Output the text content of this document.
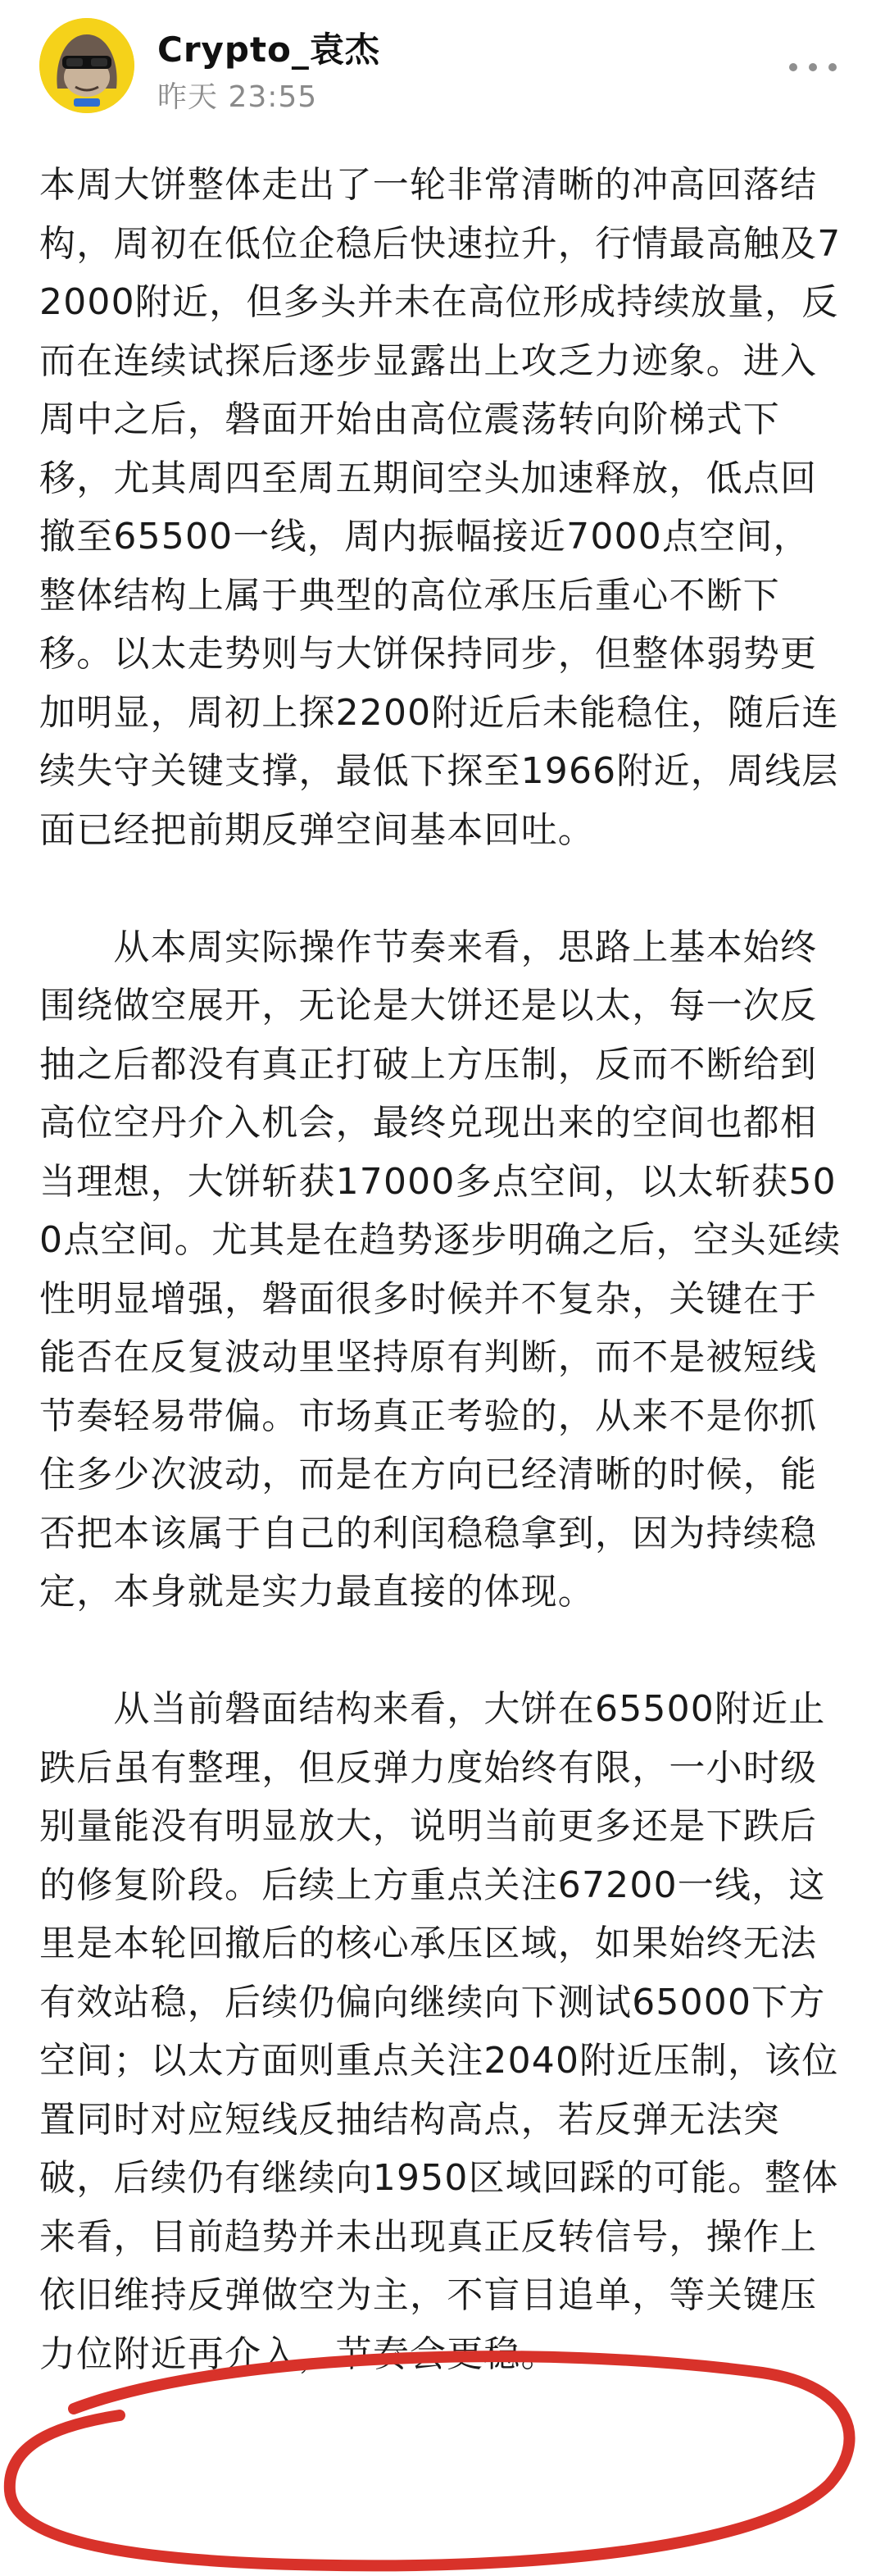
Crypto_袁杰
昨天 23:55

本周大饼整体走出了一轮非常清晰的冲高回落结构，周初在低位企稳后快速拉升，行情最高触及72000附近，但多头并未在高位形成持续放量，反而在连续试探后逐步显露出上攻乏力迹象。进入周中之后，磐面开始由高位震荡转向阶梯式下移，尤其周四至周五期间空头加速释放，低点回撤至65500一线，周内振幅接近7000点空间，整体结构上属于典型的高位承压后重心不断下移。以太走势则与大饼保持同步，但整体弱势更加明显，周初上探2200附近后未能稳住，随后连续失守关键支撑，最低下探至1966附近，周线层面已经把前期反弹空间基本回吐。

　　从本周实际操作节奏来看，思路上基本始终围绕做空展开，无论是大饼还是以太，每一次反抽之后都没有真正打破上方压制，反而不断给到高位空丹介入机会，最终兑现出来的空间也都相当理想，大饼斩获17000多点空间，以太斩获500点空间。尤其是在趋势逐步明确之后，空头延续性明显增强，磐面很多时候并不复杂，关键在于能否在反复波动里坚持原有判断，而不是被短线节奏轻易带偏。市场真正考验的，从来不是你抓住多少次波动，而是在方向已经清晰的时候，能否把本该属于自己的利闰稳稳拿到，因为持续稳定，本身就是实力最直接的体现。

　　从当前磐面结构来看，大饼在65500附近止跌后虽有整理，但反弹力度始终有限，一小时级别量能没有明显放大，说明当前更多还是下跌后的修复阶段。后续上方重点关注67200一线，这里是本轮回撤后的核心承压区域，如果始终无法有效站稳，后续仍偏向继续向下测试65000下方空间；以太方面则重点关注2040附近压制，该位置同时对应短线反抽结构高点，若反弹无法突破，后续仍有继续向1950区域回踩的可能。整体来看，目前趋势并未出现真正反转信号，操作上依旧维持反弹做空为主，不盲目追单，等关键压力位附近再介入，节奏会更稳。
